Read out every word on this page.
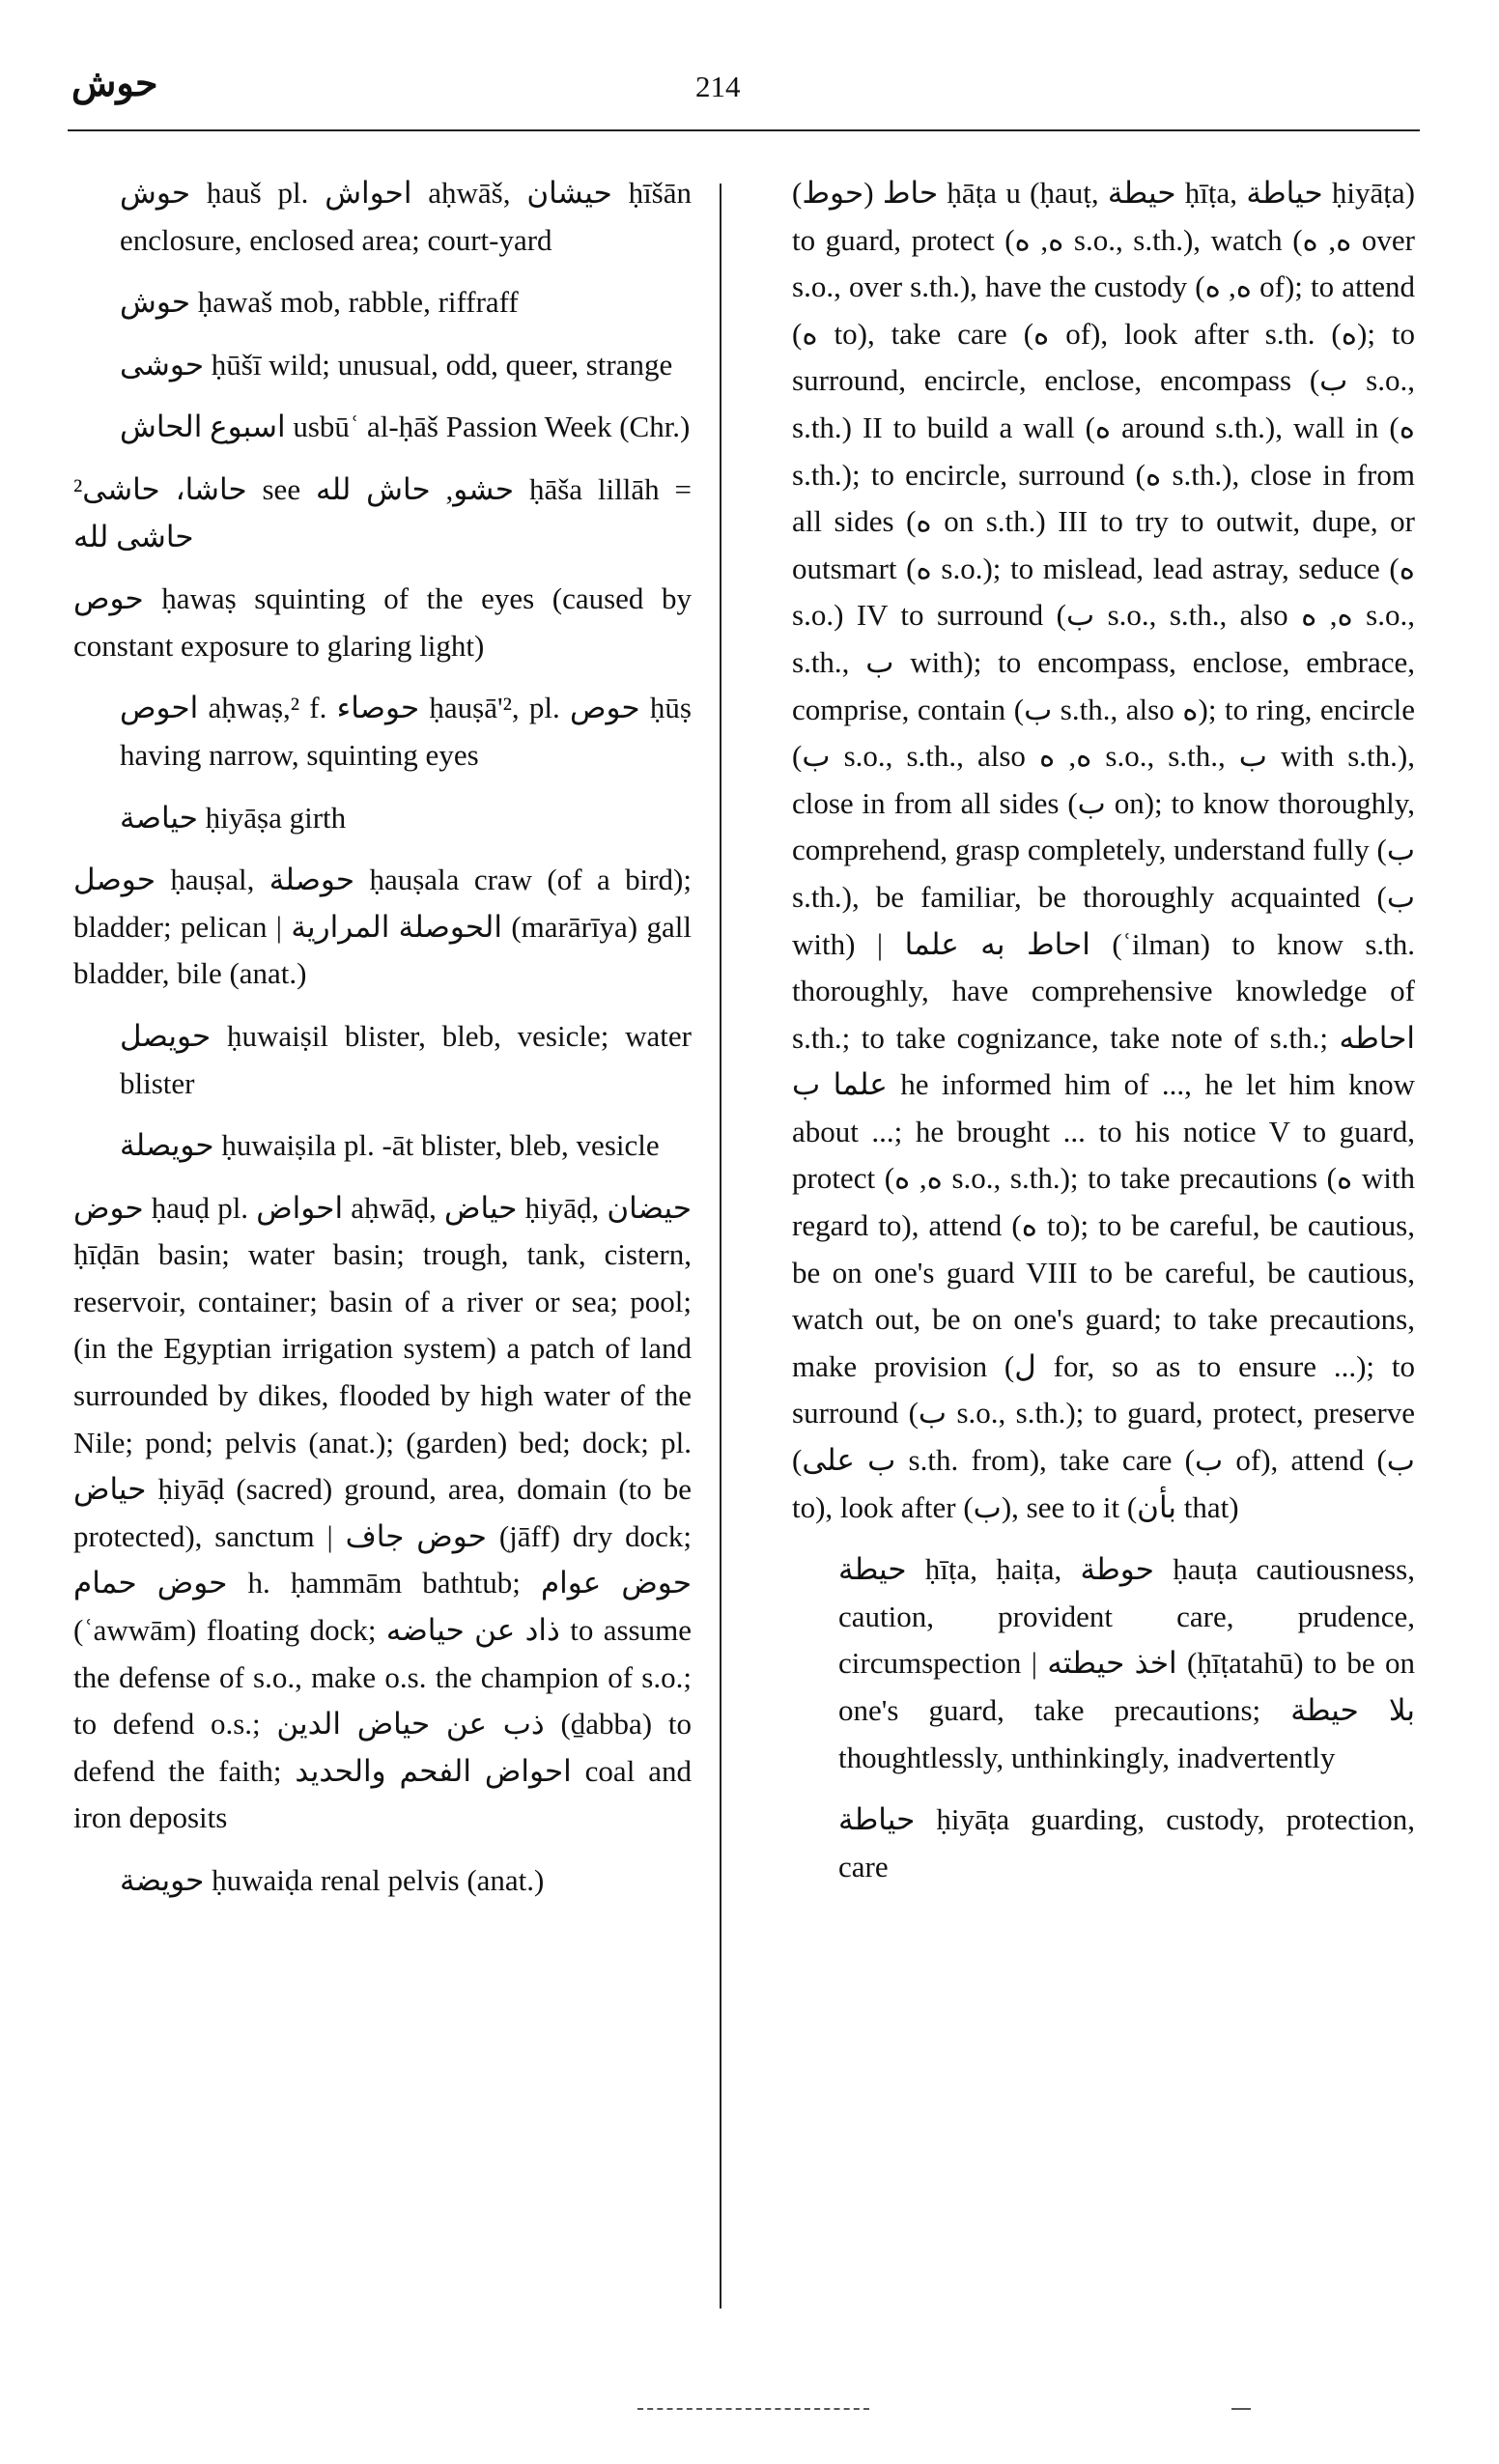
حوش	214

حوش ḥauš pl. احواش aḥwāš, حيشان ḥīšān enclosure, enclosed area; court-yard

حوش ḥawaš mob, rabble, riffraff

حوشى ḥūšī wild; unusual, odd, queer, strange

اسبوع الحاش usbūʿ al-ḥāš Passion Week (Chr.)

²حاشا، حاشى see حشو, حاش لله ḥāša lillāh = حاشى لله

حوص ḥawaṣ squinting of the eyes (caused by constant exposure to glaring light)

احوص aḥwaṣ,² f. حوصاء ḥauṣā'², pl. حوص ḥūṣ having narrow, squinting eyes

حياصة ḥiyāṣa girth

حوصل ḥauṣal, حوصلة ḥauṣala craw (of a bird); bladder; pelican | الحوصلة المرارية (marārīya) gall bladder, bile (anat.)

حويصل ḥuwaiṣil blister, bleb, vesicle; water blister

حويصلة ḥuwaiṣila pl. -āt blister, bleb, vesicle

حوض ḥauḍ pl. احواض aḥwāḍ, حياض ḥiyāḍ, حيضان ḥīḍān basin; water basin; trough, tank, cistern, reservoir, container; basin of a river or sea; pool; (in the Egyptian irrigation system) a patch of land surrounded by dikes, flooded by high water of the Nile; pond; pelvis (anat.); (garden) bed; dock; pl. حياض ḥiyāḍ (sacred) ground, area, domain (to be protected), sanctum | حوض جاف (jāff) dry dock; حوض حمام h. ḥammām bathtub; حوض عوام (ʿawwām) floating dock; ذاد عن حياضه to assume the defense of s.o., make o.s. the champion of s.o.; to defend o.s.; ذب عن حياض الدين (ḏabba) to defend the faith; احواض الفحم والحديد coal and iron deposits

حويضة ḥuwaiḍa renal pelvis (anat.)

(حوط) حاط ḥāṭa u (ḥauṭ, حيطة ḥīṭa, حياطة ḥiyāṭa) to guard, protect (ه, ه s.o., s.th.), watch (ه, ه over s.o., over s.th.), have the custody (ه, ه of); to attend (ه to), take care (ه of), look after s.th. (ه); to surround, encircle, enclose, encompass (ب s.o., s.th.) II to build a wall (ه around s.th.), wall in (ه s.th.); to encircle, surround (ه s.th.), close in from all sides (ه on s.th.) III to try to outwit, dupe, or outsmart (ه s.o.); to mislead, lead astray, seduce (ه s.o.) IV to surround (ب s.o., s.th., also ه, ه s.o., s.th., ب with); to encompass, enclose, embrace, comprise, contain (ب s.th., also ه); to ring, encircle (ب s.o., s.th., also ه, ه s.o., s.th., ب with s.th.), close in from all sides (ب on); to know thoroughly, comprehend, grasp completely, understand fully (ب s.th.), be familiar, be thoroughly acquainted (ب with) | احاط به علما (ʿilman) to know s.th. thoroughly, have comprehensive knowledge of s.th.; to take cognizance, take note of s.th.; احاطه علما ب he informed him of ..., he let him know about ...; he brought ... to his notice V to guard, protect (ه, ه s.o., s.th.); to take precautions (ه with regard to), attend (ه to); to be careful, be cautious, be on one's guard VIII to be careful, be cautious, watch out, be on one's guard; to take precautions, make provision (ل for, so as to ensure ...); to surround (ب s.o., s.th.); to guard, protect, preserve (ب على s.th. from), take care (ب of), attend (ب to), look after (ب), see to it (بأن that)

حيطة ḥīṭa, ḥaiṭa, حوطة ḥauṭa cautiousness, caution, provident care, prudence, circumspection | اخذ حيطته (ḥīṭatahū) to be on one's guard, take precautions; بلا حيطة thoughtlessly, unthinkingly, inadvertently

حياطة ḥiyāṭa guarding, custody, protection, care
